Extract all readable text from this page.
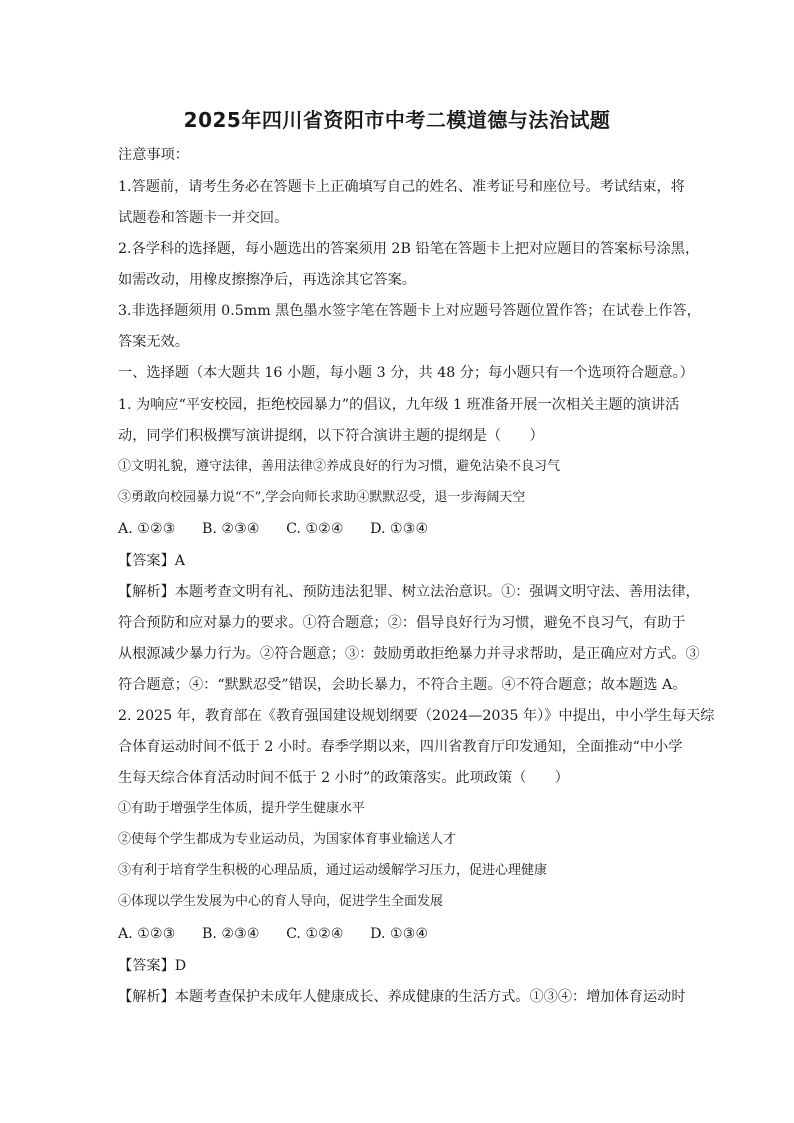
2025年四川省资阳市中考二模道德与法治试题
注意事项：
1.答题前，请考生务必在答题卡上正确填写自己的姓名、准考证号和座位号。考试结束，将
试题卷和答题卡一并交回。
2.各学科的选择题，每小题选出的答案须用 2B 铅笔在答题卡上把对应题目的答案标号涂黑，
如需改动，用橡皮擦擦净后，再选涂其它答案。
3.非选择题须用 0.5mm 黑色墨水签字笔在答题卡上对应题号答题位置作答；在试卷上作答，
答案无效。
一、选择题（本大题共 16 小题，每小题 3 分，共 48 分；每小题只有一个选项符合题意。）
1. 为响应“平安校园，拒绝校园暴力”的倡议，九年级 1 班准备开展一次相关主题的演讲活
动，同学们积极撰写演讲提纲，以下符合演讲主题的提纲是（　　）
①文明礼貌，遵守法律，善用法律②养成良好的行为习惯，避免沾染不良习气
③勇敢向校园暴力说“不”,学会向师长求助④默默忍受，退一步海阔天空
A. ①②③ B. ②③④ C. ①②④ D. ①③④
【答案】A
【解析】本题考查文明有礼、预防违法犯罪、树立法治意识。①：强调文明守法、善用法律，
符合预防和应对暴力的要求。①符合题意；②：倡导良好行为习惯，避免不良习气，有助于
从根源减少暴力行为。②符合题意；③：鼓励勇敢拒绝暴力并寻求帮助，是正确应对方式。③
符合题意；④：“默默忍受”错误，会助长暴力，不符合主题。④不符合题意；故本题选 A。
2. 2025 年，教育部在《教育强国建设规划纲要（2024—2035 年）》中提出，中小学生每天综
合体育运动时间不低于 2 小时。春季学期以来，四川省教育厅印发通知，全面推动“中小学
生每天综合体育活动时间不低于 2 小时”的政策落实。此项政策（　　）
①有助于增强学生体质，提升学生健康水平
②使每个学生都成为专业运动员，为国家体育事业输送人才
③有利于培育学生积极的心理品质，通过运动缓解学习压力，促进心理健康
④体现以学生发展为中心的育人导向，促进学生全面发展
A. ①②③ B. ②③④ C. ①②④ D. ①③④
【答案】D
【解析】本题考查保护未成年人健康成长、养成健康的生活方式。①③④：增加体育运动时
